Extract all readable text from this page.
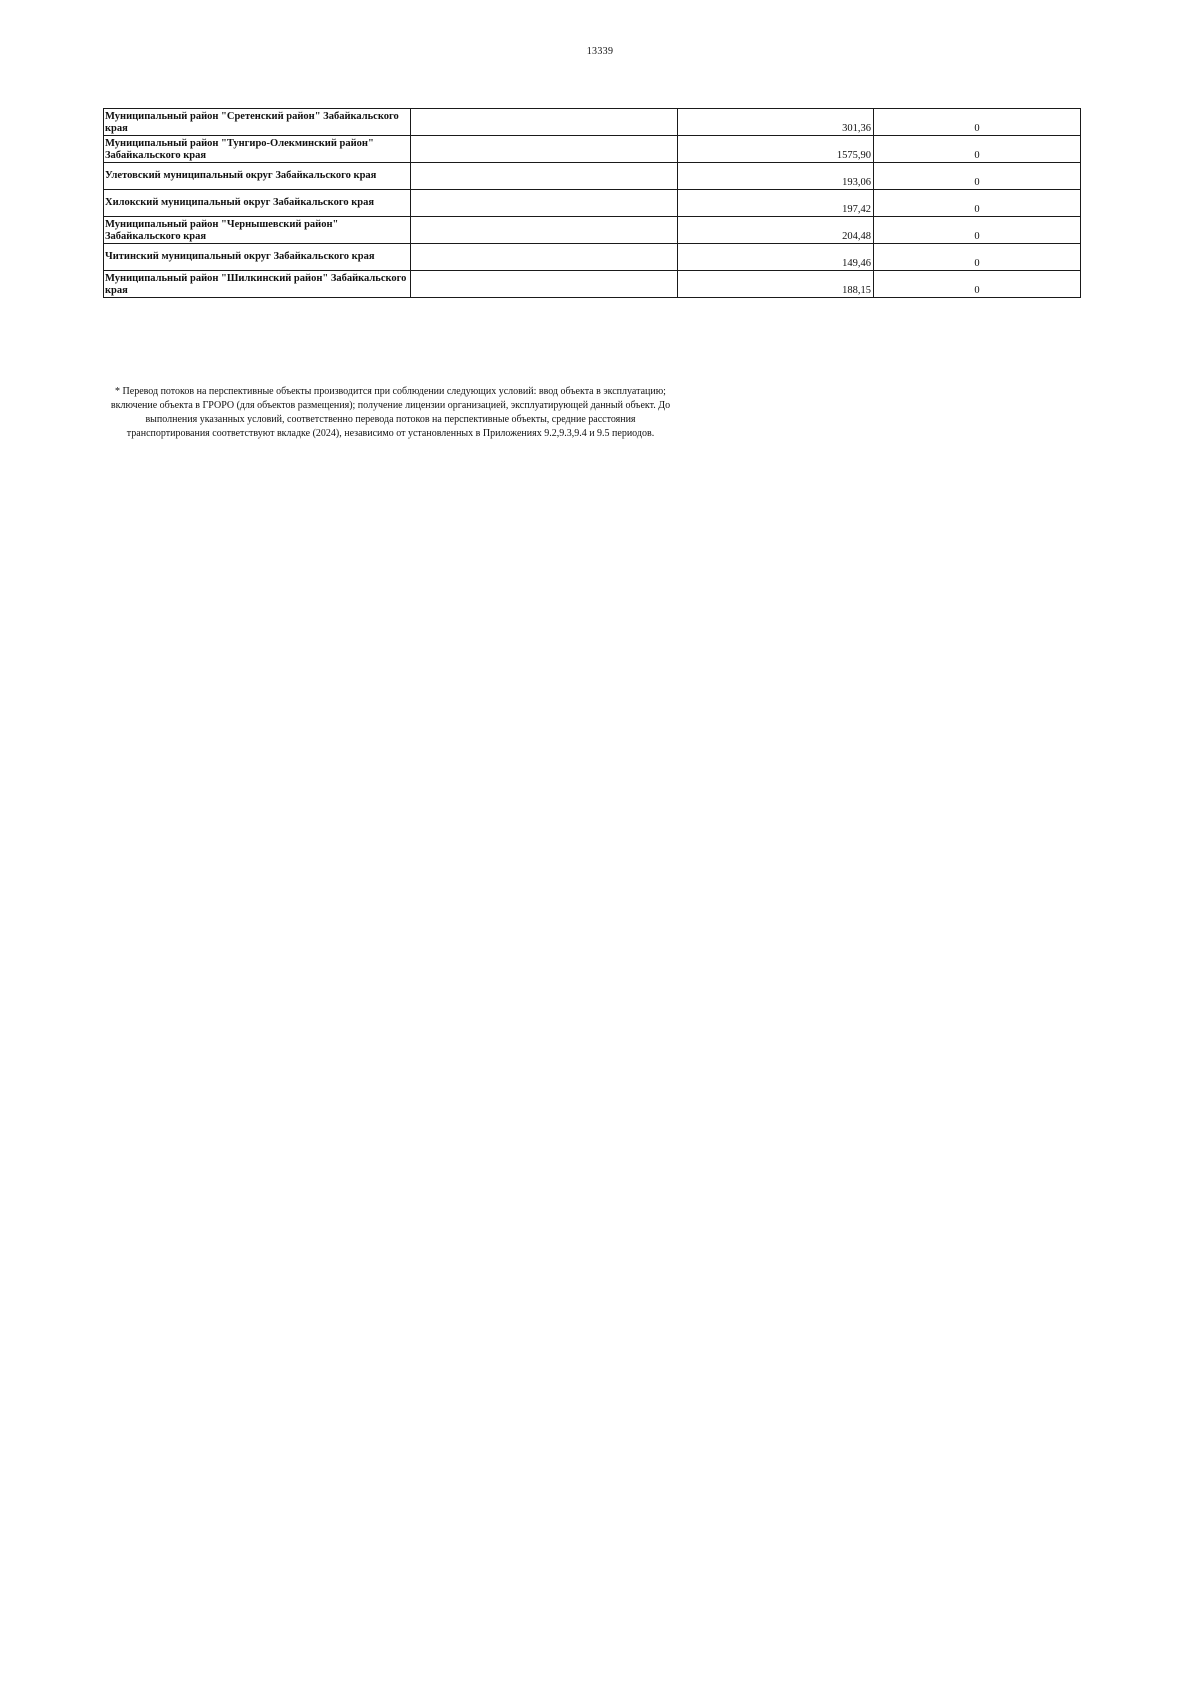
13339
Муниципальный район "Сретенский район" Забайкальского края		301,36	0
Муниципальный район "Тунгиро-Олекминский район" Забайкальского края		1575,90	0
Улетовский муниципальный округ Забайкальского края		193,06	0
Хилокский муниципальный округ Забайкальского края		197,42	0
Муниципальный район "Чернышевский район" Забайкальского края		204,48	0
Читинский муниципальный округ Забайкальского края		149,46	0
Муниципальный район "Шилкинский район" Забайкальского края		188,15	0
* Перевод потоков на перспективные объекты производится при соблюдении следующих условий: ввод объекта в эксплуатацию; включение объекта в ГРОРО (для объектов размещения); получение лицензии организацией, эксплуатирующей данный объект. До выполнения указанных условий, соответственно перевода потоков на перспективные объекты, средние расстояния транспортирования соответствуют вкладке (2024), независимо от установленных в Приложениях 9.2,9.3,9.4 и 9.5 периодов.
